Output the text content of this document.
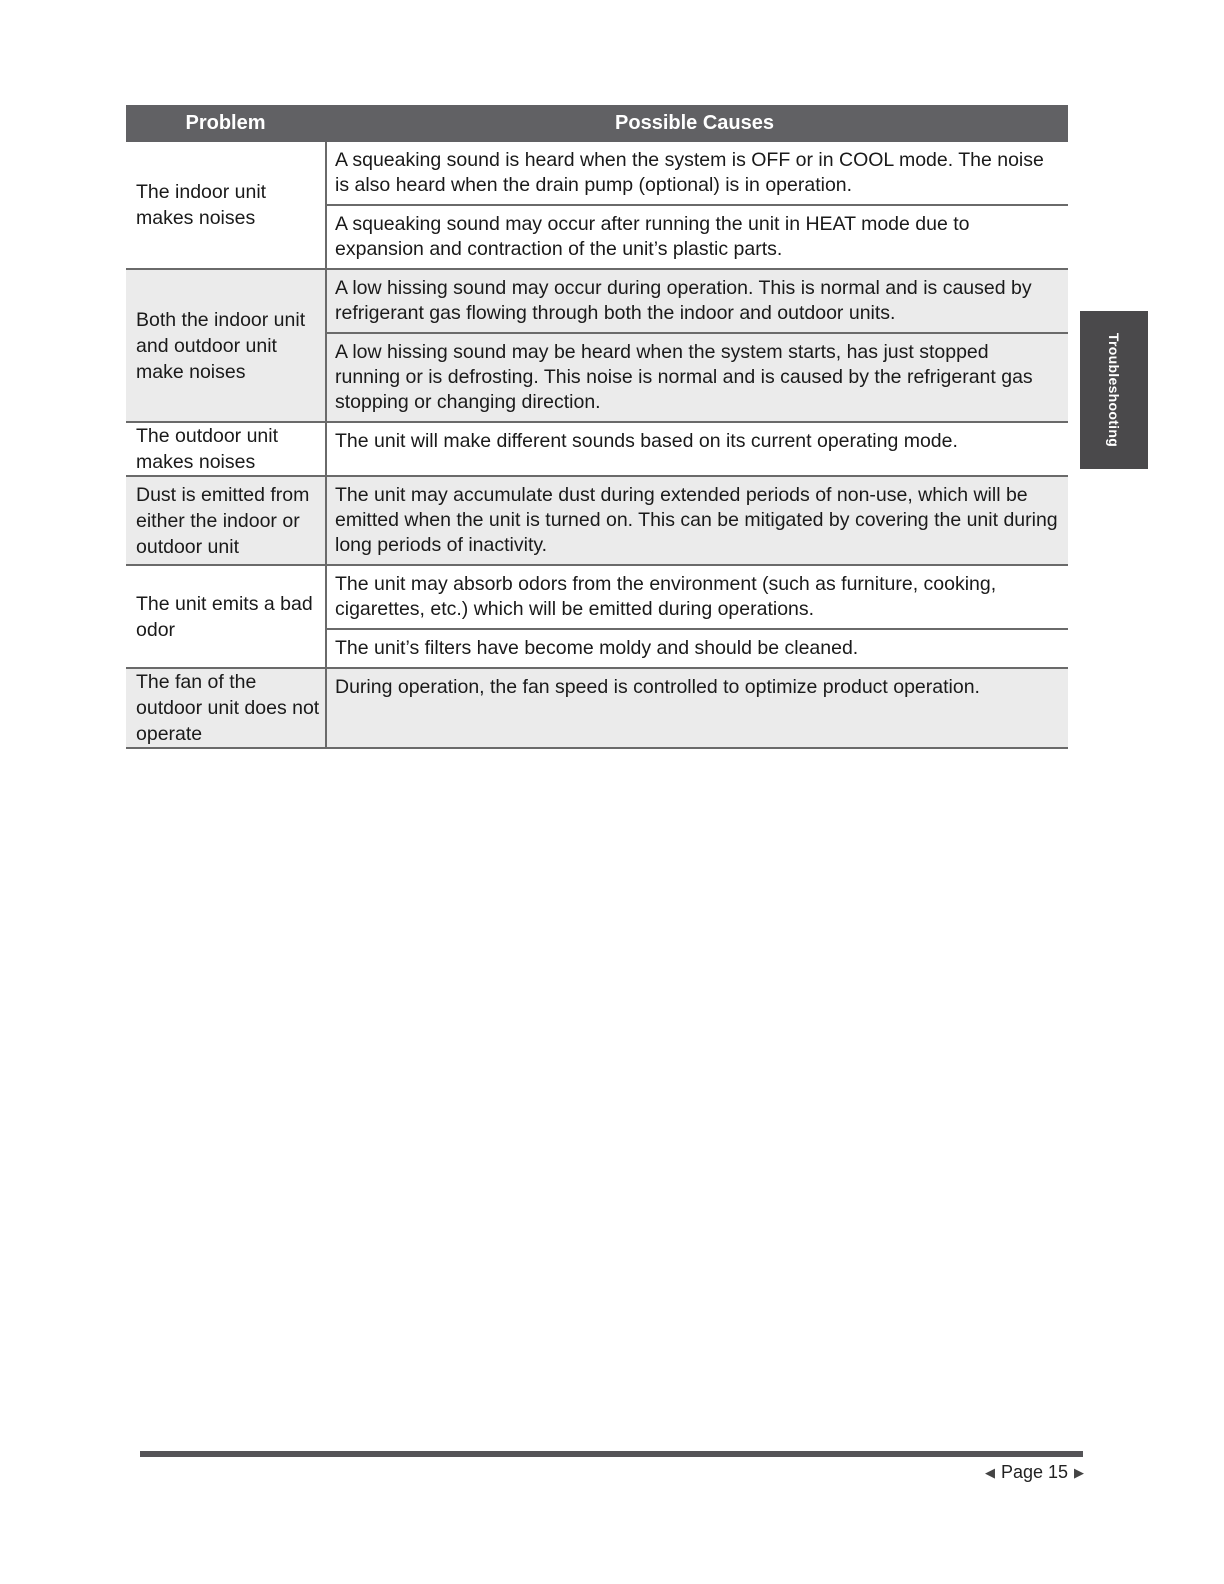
Problem	Possible Causes
The indoor unit makes noises
A squeaking sound is heard when the system is OFF or in COOL mode. The noise is also heard when the drain pump (optional) is in operation.
A squeaking sound may occur after running the unit in HEAT mode due to expansion and contraction of the unit’s plastic parts.
Both the indoor unit and outdoor unit make noises
A low hissing sound may occur during operation. This is normal and is caused by refrigerant gas flowing through both the indoor and outdoor units.
A low hissing sound may be heard when the system starts, has just stopped running or is defrosting. This noise is normal and is caused by the refrigerant gas stopping or changing direction.
The outdoor unit makes noises
The unit will make different sounds based on its current operating mode.
Dust is emitted from either the indoor or outdoor unit
The unit may accumulate dust during extended periods of non-use, which will be emitted when the unit is turned on. This can be mitigated by covering the unit during long periods of inactivity.
The unit emits a bad odor
The unit may absorb odors from the environment (such as furniture, cooking, cigarettes, etc.) which will be emitted during operations.
The unit’s filters have become moldy and should be cleaned.
The fan of the outdoor unit does not operate
During operation, the fan speed is controlled to optimize product operation.
Troubleshooting
◀ Page 15 ▶
